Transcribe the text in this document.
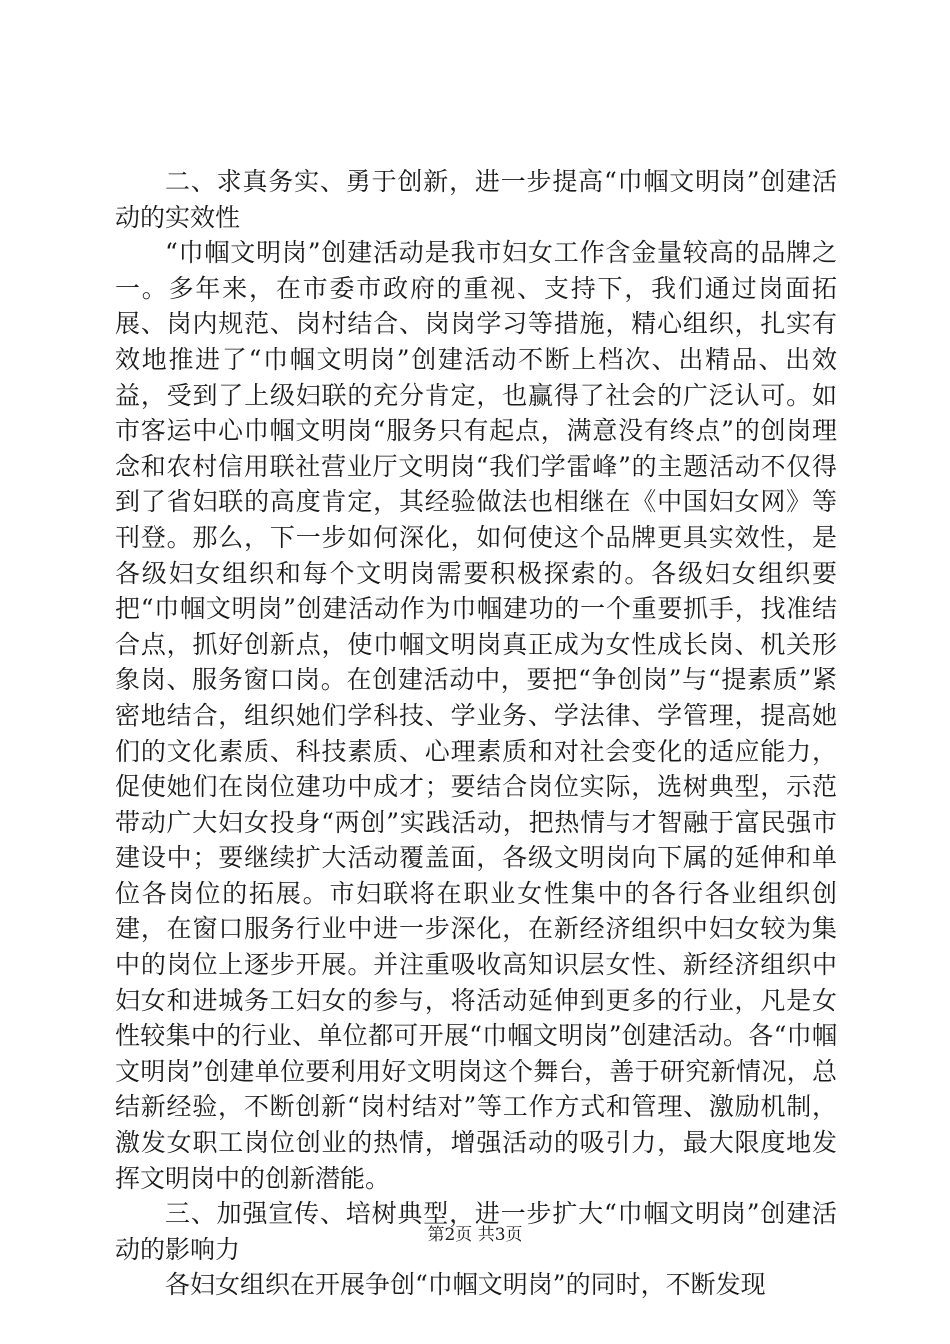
二、求真务实、勇于创新，进一步提高“巾帼文明岗”创建活动的实效性

“巾帼文明岗”创建活动是我市妇女工作含金量较高的品牌之一。多年来，在市委市政府的重视、支持下，我们通过岗面拓展、岗内规范、岗村结合、岗岗学习等措施，精心组织，扎实有效地推进了“巾帼文明岗”创建活动不断上档次、出精品、出效益，受到了上级妇联的充分肯定，也赢得了社会的广泛认可。如市客运中心巾帼文明岗“服务只有起点，满意没有终点”的创岗理念和农村信用联社营业厅文明岗“我们学雷峰”的主题活动不仅得到了省妇联的高度肯定，其经验做法也相继在《中国妇女网》等刊登。那么，下一步如何深化，如何使这个品牌更具实效性，是各级妇女组织和每个文明岗需要积极探索的。各级妇女组织要把“巾帼文明岗”创建活动作为巾帼建功的一个重要抓手，找准结合点，抓好创新点，使巾帼文明岗真正成为女性成长岗、机关形象岗、服务窗口岗。在创建活动中，要把“争创岗”与“提素质”紧密地结合，组织她们学科技、学业务、学法律、学管理，提高她们的文化素质、科技素质、心理素质和对社会变化的适应能力，促使她们在岗位建功中成才；要结合岗位实际，选树典型，示范带动广大妇女投身“两创”实践活动，把热情与才智融于富民强市建设中；要继续扩大活动覆盖面，各级文明岗向下属的延伸和单位各岗位的拓展。市妇联将在职业女性集中的各行各业组织创建，在窗口服务行业中进一步深化，在新经济组织中妇女较为集中的岗位上逐步开展。并注重吸收高知识层女性、新经济组织中妇女和进城务工妇女的参与，将活动延伸到更多的行业，凡是女性较集中的行业、单位都可开展“巾帼文明岗”创建活动。各“巾帼文明岗”创建单位要利用好文明岗这个舞台，善于研究新情况，总结新经验，不断创新“岗村结对”等工作方式和管理、激励机制，激发女职工岗位创业的热情，增强活动的吸引力，最大限度地发挥文明岗中的创新潜能。

三、加强宣传、培树典型，进一步扩大“巾帼文明岗”创建活动的影响力

各妇女组织在开展争创“巾帼文明岗”的同时，不断发现

第2页 共3页
